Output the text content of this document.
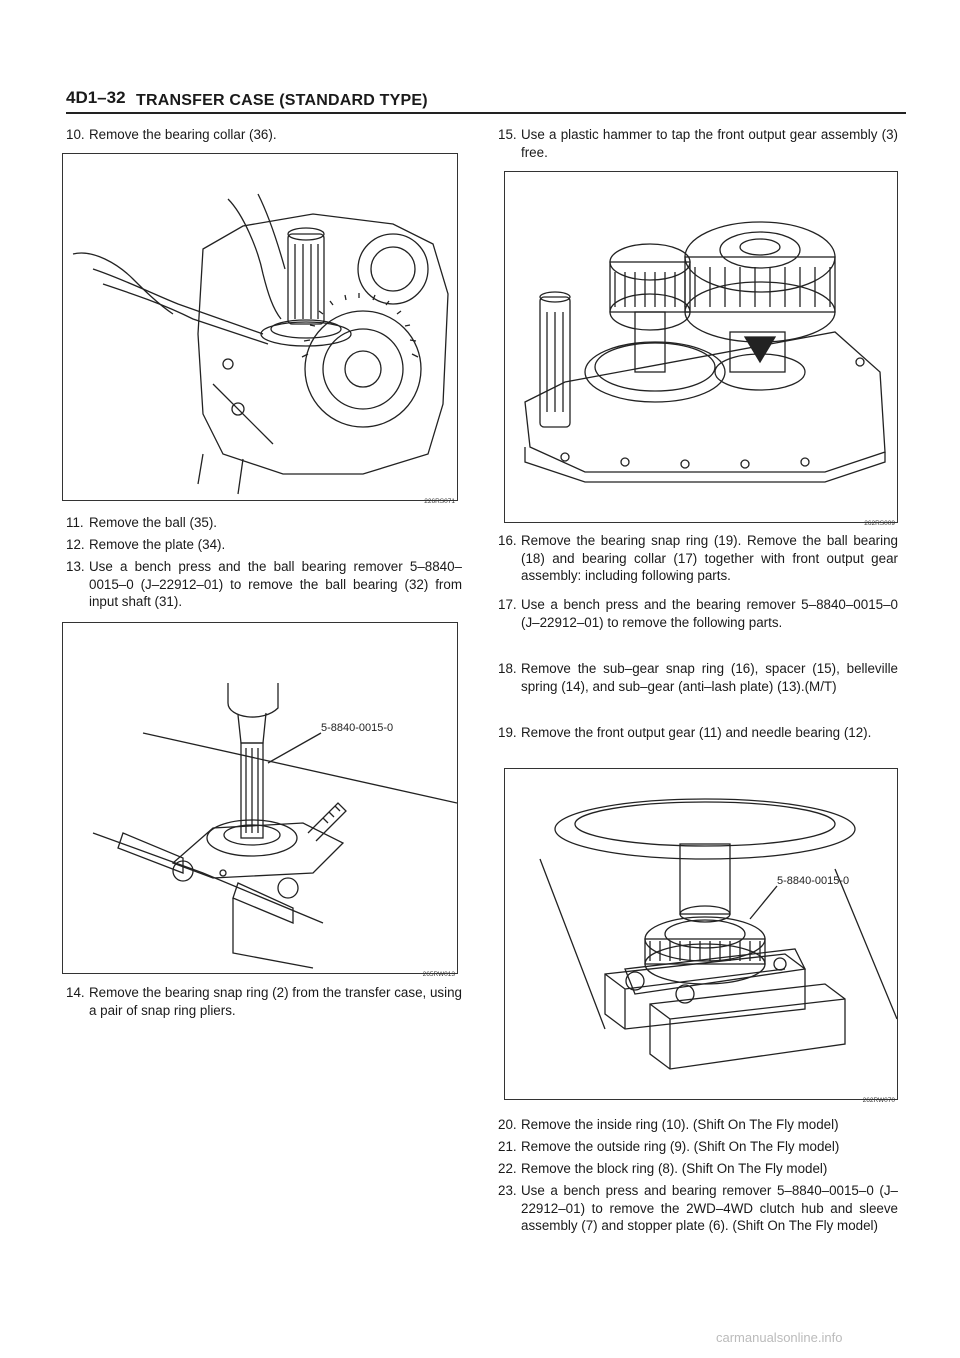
4D1–32 TRANSFER CASE (STANDARD TYPE)
10. Remove the bearing collar (36).
226RS071
11. Remove the ball (35).
12. Remove the plate (34).
13. Use a bench press and the ball bearing remover 5–8840–0015–0 (J–22912–01) to remove the ball bearing (32) from input shaft (31).
5-8840-0015-0
265RW013
14. Remove the bearing snap ring (2) from the transfer case, using a pair of snap ring pliers.
15. Use a plastic hammer to tap the front output gear assembly (3) free.
262RS009
16. Remove the bearing snap ring (19). Remove the ball bearing (18) and bearing collar (17) together with front output gear assembly: including following parts.
17. Use a bench press and the bearing remover 5–8840–0015–0 (J–22912–01) to remove the following parts.
18. Remove the sub–gear snap ring (16), spacer (15), belleville spring (14), and sub–gear (anti–lash plate) (13).(M/T)
19. Remove the front output gear (11) and needle bearing (12).
5-8840-0015-0
262RW070
20. Remove the inside ring (10). (Shift On The Fly model)
21. Remove the outside ring (9). (Shift On The Fly model)
22. Remove the block ring (8). (Shift On The Fly model)
23. Use a bench press and bearing remover 5–8840–0015–0 (J–22912–01) to remove the 2WD–4WD clutch hub and sleeve assembly (7) and stopper plate (6). (Shift On The Fly model)
carmanualsonline.info
